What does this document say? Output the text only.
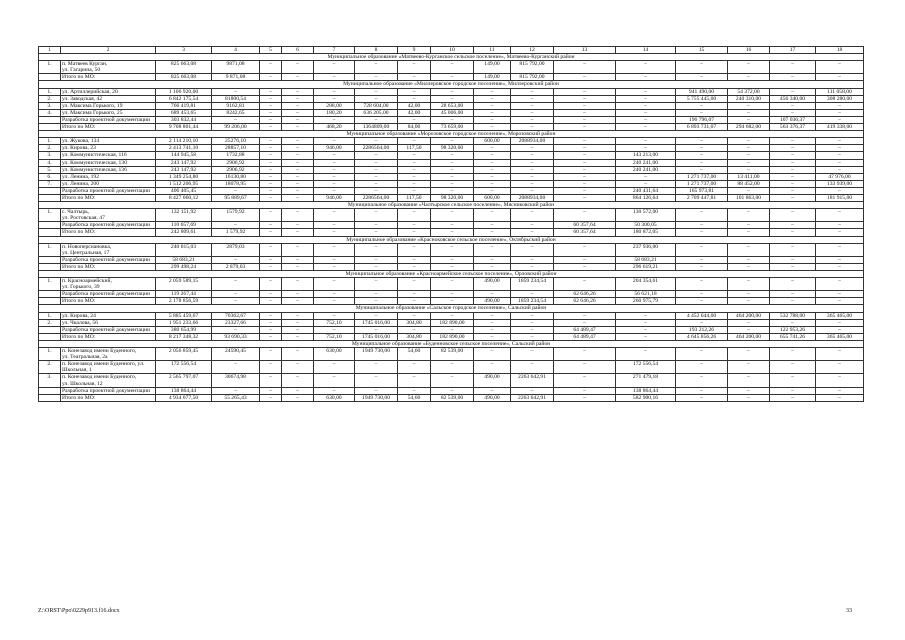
1	2	3	4	5	6	7	8	9	10	11	12	13	14	15	16	17	18
Муниципальное образование «Матвеево-Курганское сельское поселение», Матвеево-Курганский район																	
1.	п. Матвеев Курган,
ул. Гагарина, 50	825 663,08	9871,08	–	–	–	–	–	–	149,00	815 792,00	–	–	–	–	–	–
	Итого по МО:	825 663,08	9 871,08	–	–	–	–	–	–	149,00	815 792,00	–	–	–	–	–	–
Муниципальное образование «Миллеровское городское поселение», Миллеровский район																	
1.	ул. Артиллерийская, 20	1 106 920,00	–	–	–	–	–	–	–	–	–	–	–	941 490,00	54 372,00	–	111 058,00
2.	ул. Заводская, 42	6 842 175,54	81800,54	–	–	–	–	–	–	–	–	–	–	5 755 445,00	240 310,00	456 340,00	308 280,00
3.	ул. Максима Горького, 19	766 419,81	9162,81	–	–	288,00	728 604,00	42,00	28 653,00	–	–	–	–	–	–	–	–
4.	ул. Максима Горького, 25	689 453,65	8242,65	–	–	180,20	636 205,00	42,00	45 006,00	–	–	–	–	–	–	–	–
	Разработка проектной документации	303 832,44	–	–	–	–	–	–	–	–	–	–	–	196 796,07	–	107 036,37	–
	Итого по МО:	9 708 801,44	99 206,00	–	–	468,20	1364809,00	84,00	73 659,00	–	–	–	–	6 893 731,07	294 682,00	563 376,37	419 338,00
Муниципальное образование «Морозовское городское поселение», Морозовский район																	
1.	ул. Жукова, 134	2 114 210,10	25276,10	–	–	–	–	–	–	600,00	2088934,00	–	–	–	–	–	–
2.	ул. Кирова, 23	2 413 741,10	28857,10	–	–	946,00	2286564,00	117,50	98 320,00	–	–	–	–	–	–	–	–
3.	ул. Коммунистическая, 116	144 945,58	1732,88	–	–	–	–	–	–	–	–	–	143 213,00	–	–	–	–
4.	ул. Коммунистическая, 130	243 147,92	2906,92	–	–	–	–	–	–	–	–	–	240 241,00	–	–	–	–
5.	ул. Коммунистическая, 136	243 147,92	2906,92	–	–	–	–	–	–	–	–	–	240 241,00	–	–	–	–
6.	ул. Ленина, 192	1 349 254,80	16130,80	–	–	–	–	–	–	–	–	–	–	1 271 737,00	13 411,00	–	47 976,00
7.	ул. Ленина, 200	1 512 206,95	18078,95	–	–	–	–	–	–	–	–	–	–	1 271 737,00	88 452,00	–	133 939,00
	Разработка проектной документации	406 405,45	–	–	–	–	–	–	–	–	–	–	240 431,64	165 973,81	–	–	–
	Итого по МО:	8 427 060,12	95 889,67	–	–	946,00	2286564,00	117,50	98 320,00	600,00	2088934,00	–	864 126,64	2 709 447,81	101 863,00	–	181 915,00
Муниципальное образование «Чалтырское сельское поселение», Мясниковский район																	
1.	с. Чалтырь,
ул. Ростовская, 47	132 151,92	1579,92	–	–	–	–	–	–	–	–	–	130 572,00	–	–	–	–
	Разработка проектной документации	110 657,69	–	–	–	–	–	–	–	–	–	60 357,64	50 300,05	–	–	–	–
	Итого по МО:	242 809,61	1 579,92	–	–	–	–	–	–	–	–	60 357,64	180 872,05	–	–	–	–
Муниципальное образование «Красноковское сельское поселение», Октябрьский район																	
1.	п. Новоперсиановка,
ул. Центральная, 17	240 815,03	2879,03	–	–	–	–	–	–	–	–	–	237 936,00	–	–	–	–
	Разработка проектной документации	58 683,21	–	–	–	–	–	–	–	–	–	–	58 683,21	–	–	–	–
	Итого по МО:	299 498,24	2 879,03	–	–	–	–	–	–	–	–	–	296 619,21	–	–	–	–
Муниципальное образование «Красноармейское сельское поселение», Орловский район																	
1.	п. Красноармейский,
ул. Горького, 39	2 059 589,15	–	–	–	–	–	–	–	490,00	1859 234,54	–	204 354,61	–	–	–	–
	Разработка проектной документации	119 267,44	–	–	–	–	–	–	–	–	–	62 646,26	56 621,18	–	–	–	–
	Итого по МО:	2 178 856,59	–	–	–	–	–	–	–	490,00	1859 234,54	62 646,26	260 975,79	–	–	–	–
Муниципальное образование «Сальское городское поселение», Сальский район																	
1.	ул. Кирова, 24	5 885 459,67	70362,67	–	–	–	–	–	–	–	–	–	–	4 452 644,00	464 200,00	532 788,00	365 465,00
2.	ул. Чкалова, 56	1 951 233,66	23327,66	–	–	752,10	1745 016,00	304,80	182 890,00	–	–	–	–	–	–	–	–
	Разработка проектной документации	380 654,99	–	–	–	–	–	–	–	–	–	64 489,47	–	193 212,26	–	122 953,26	–
	Итого по МО:	8 217 348,32	93 690,33	–	–	752,10	1745 016,00	304,80	182 890,00	–	–	64 489,47	–	4 645 856,26	464 200,00	655 741,26	365 465,00
Муниципальное образование «Буденновское сельское поселение», Сальский район																	
1.	п. Конезавод имени Буденного,
ул. Театральная, 2а	2 056 859,45	24590,45	–	–	630,00	1949 730,00	54,60	82 539,00	–	–	–	–	–	–	–	–
2.	п. Конезавод имени Буденного, ул. Школьная, 1	172 556,54	–	–	–	–	–	–	–	–	–	–	172 556,54	–	–	–	–
3.	п. Конезавод имени Буденного,
ул. Школьная, 12	2 565 797,07	30674,98	–	–	–	–	–	–	490,00	2263 642,91	–	271 479,18	–	–	–	–
	Разработка проектной документации	138 864,44	–	–	–	–	–	–	–	–	–	–	138 864,44	–	–	–	–
	Итого по МО:	4 934 077,50	55 265,43	–	–	630,00	1949 730,00	54,60	82 539,00	490,00	2263 642,91	–	582 900,16	–	–	–	–
Z:\ORST\Ppo\0229p913.f16.docx	33
